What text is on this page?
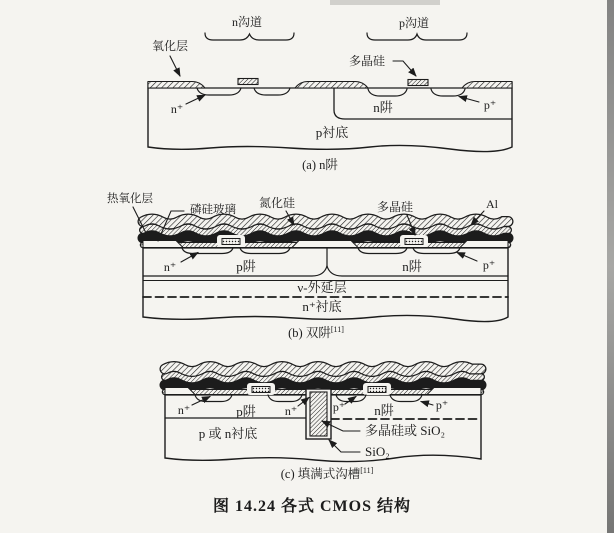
n沟道	p沟道
氧化层
多晶硅
n⁺	n阱	p⁺
p衬底
(a) n阱
热氧化层
磷硅玻璃 氮化硅	多晶硅	Al
n⁺	p阱	n阱	p⁺
ν-外延层
n⁺衬底
(b) 双阱[11]
n⁺	p阱 n⁺	p⁺ n阱	p⁺
p 或 n衬底	多晶硅或 SiO₂
SiO₂
(c) 填满式沟槽[11]
图 14.24 各式 CMOS 结构
